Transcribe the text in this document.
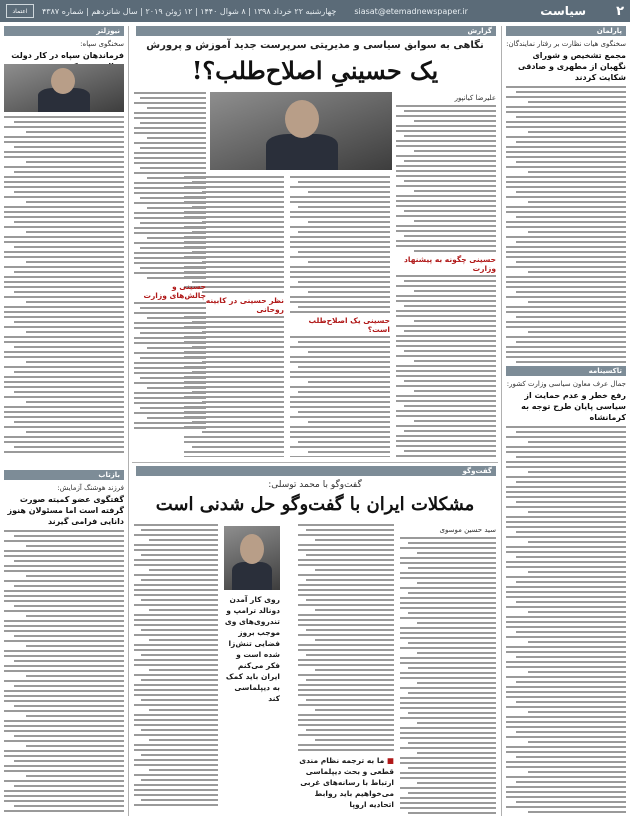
۲
سیاست
siasat@etemadnewspaper.ir
چهارشنبه ۲۲ خرداد ۱۳۹۸ | ۸ شوال ۱۴۴۰ | ۱۲ ژوئن ۲۰۱۹ | سال شانزدهم | شماره ۴۳۸۷
اعتماد
پارلمان
سخنگوی هیات نظارت بر رفتار نمایندگان:
مجمع تشخیص و شورای نگهبان از مطهری و صادقی شکایت کردند
تاکسینامه
جمال عرف معاون سیاسی وزارت کشور:
رفع خطر و عدم حمایت از سیاسی پایان طرح توجه به کرمانشاه
نیوزلتر
سخنگوی سپاه:
فرماندهان سپاه در کار دولت
بازتاب
فرزند هوشنگ آزمایش:
گفتگوی عضو کمیته صورت گرفته است اما مسئولان هنوز دانایی فرامی گیرند
گزارش
نگاهی به سوابق سیاسی و مدیریتی سرپرست جدید آموزش و پرورش
یک حسینیِ اصلاح‌طلب؟!
علیرضا کیانپور
حسینی چگونه به پیشنهاد وزارت
حسینی یک اصلاح‌طلب است؟
نظر حسینی در کابینه روحانی
حسینی و چالش‌های وزارت
گفت‌وگو
گفت‌وگو با محمد توسلی:
مشکلات ایران با گفت‌وگو حل شدنی است
سید حسین موسوی
■ ما به ترجمه نظام مندی قطعی و بحث دیپلماسی ارتباط با رسانه‌های غربی می‌خواهیم باید روابط اتحادیه اروپا
روی کار آمدن دونالد ترامپ و تندروی‌های وی موجب بروز فضایی تنش‌زا شده است و فکر می‌کنم ایران باید کمک به دیپلماسی کند
